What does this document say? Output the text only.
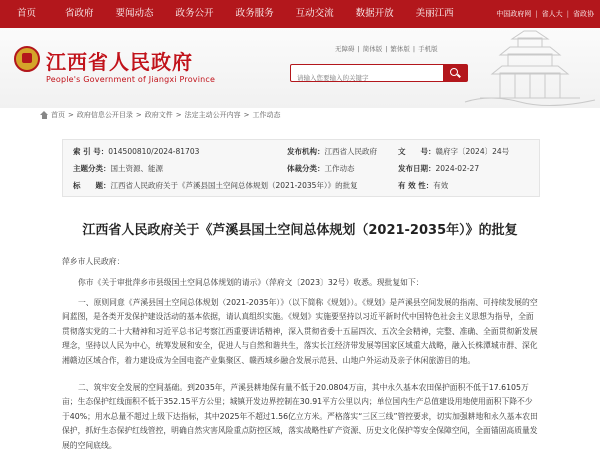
首页	省政府	要闻动态	政务公开	政务服务	互动交流	数据开放	美丽江西	中国政府网 | 省人大 | 省政协
江西省人民政府
People's Government of Jiangxi Province
无障碍 | 简体版 | 繁体版 | 手机版
请输入您要输入的关键字
首页 > 政府信息公开目录 > 政府文件 > 法定主动公开内容 > 工作动态
索 引 号：014500810/2024-81703	发布机构：江西省人民政府	文　　号：赣府字〔2024〕24号
主题分类：国土资源、能源	体裁分类：工作动态	发布日期：2024-02-27
标　　题：江西省人民政府关于《芦溪县国土空间总体规划（2021-2035年）》的批复	有 效 性：有效
江西省人民政府关于《芦溪县国土空间总体规划（2021-2035年）》的批复
萍乡市人民政府：
你市《关于审批萍乡市县级国土空间总体规划的请示》（萍府文〔2023〕32号）收悉。现批复如下：
一、原则同意《芦溪县国土空间总体规划（2021-2035年）》（以下简称《规划》）。《规划》是芦溪县空间发展的指南、可持续发展的空间蓝图，是各类开发保护建设活动的基本依据，请认真组织实施。《规划》实施要坚持以习近平新时代中国特色社会主义思想为指导，全面贯彻落实党的二十大精神和习近平总书记考察江西重要讲话精神，深入贯彻省委十五届四次、五次全会精神，完整、准确、全面贯彻新发展理念，坚持以人民为中心，统筹发展和安全，促进人与自然和谐共生，落实长江经济带发展等国家区域重大战略，融入长株潭城市群、深化湘赣边区域合作，着力建设成为全国电瓷产业集聚区、赣西域乡融合发展示范县、山地户外运动及亲子休闲旅游目的地。
二、筑牢安全发展的空间基础。到2035年，芦溪县耕地保有量不低于20.0804万亩，其中永久基本农田保护面积不低于17.6105万亩；生态保护红线面积不低于352.15平方公里；城镇开发边界控制在30.91平方公里以内；单位国内生产总值建设用地使用面积下降不少于40%；用水总量不超过上级下达指标，其中2025年不超过1.56亿立方米。严格落实“三区三线”管控要求，切实加强耕地和永久基本农田保护，抓好生态保护红线管控，明确自然灾害风险重点防控区域，落实战略性矿产资源、历史文化保护等安全保障空间，全面锚固高质量发展的空间底线。
